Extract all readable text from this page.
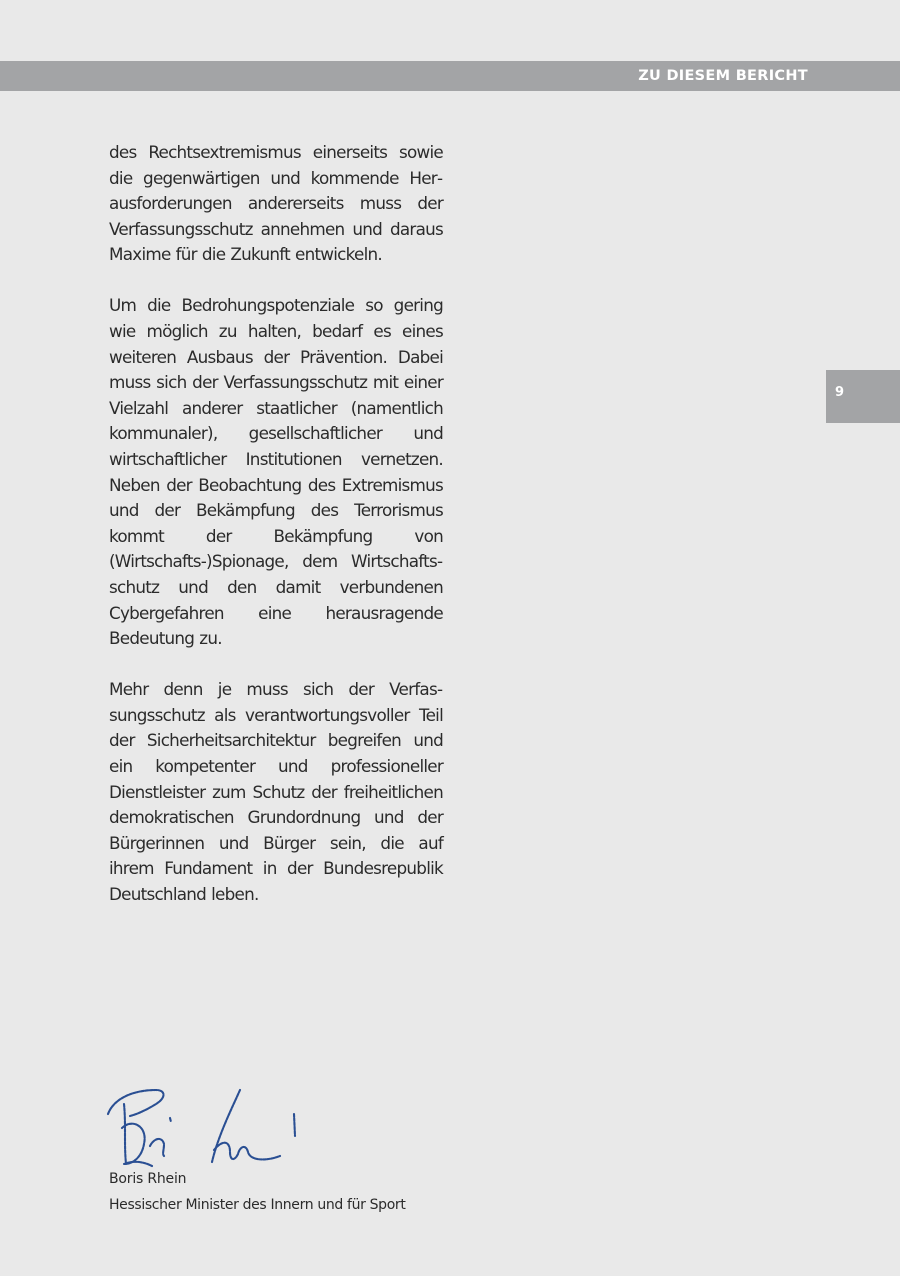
ZU DIESEM BERICHT
9

des Rechtsextremismus einerseits sowie die gegenwärtigen und kommende Herausforderungen andererseits muss der Verfassungsschutz annehmen und daraus Maxime für die Zukunft entwickeln.

Um die Bedrohungspotenziale so gering wie möglich zu halten, bedarf es eines weiteren Ausbaus der Prävention. Dabei muss sich der Verfassungsschutz mit einer Vielzahl anderer staatlicher (namentlich kommunaler), gesellschaftlicher und wirtschaftlicher Institutionen vernetzen. Neben der Beobachtung des Extremismus und der Bekämpfung des Terrorismus kommt der Bekämpfung von (Wirtschafts-)Spionage, dem Wirtschaftsschutz und den damit verbundenen Cybergefahren eine herausragende Bedeutung zu.

Mehr denn je muss sich der Verfassungsschutz als verantwortungsvoller Teil der Sicherheitsarchitektur begreifen und ein kompetenter und professioneller Dienstleister zum Schutz der freiheitlichen demokratischen Grundordnung und der Bürgerinnen und Bürger sein, die auf ihrem Fundament in der Bundesrepublik Deutschland leben.

Boris Rhein
Hessischer Minister des Innern und für Sport
